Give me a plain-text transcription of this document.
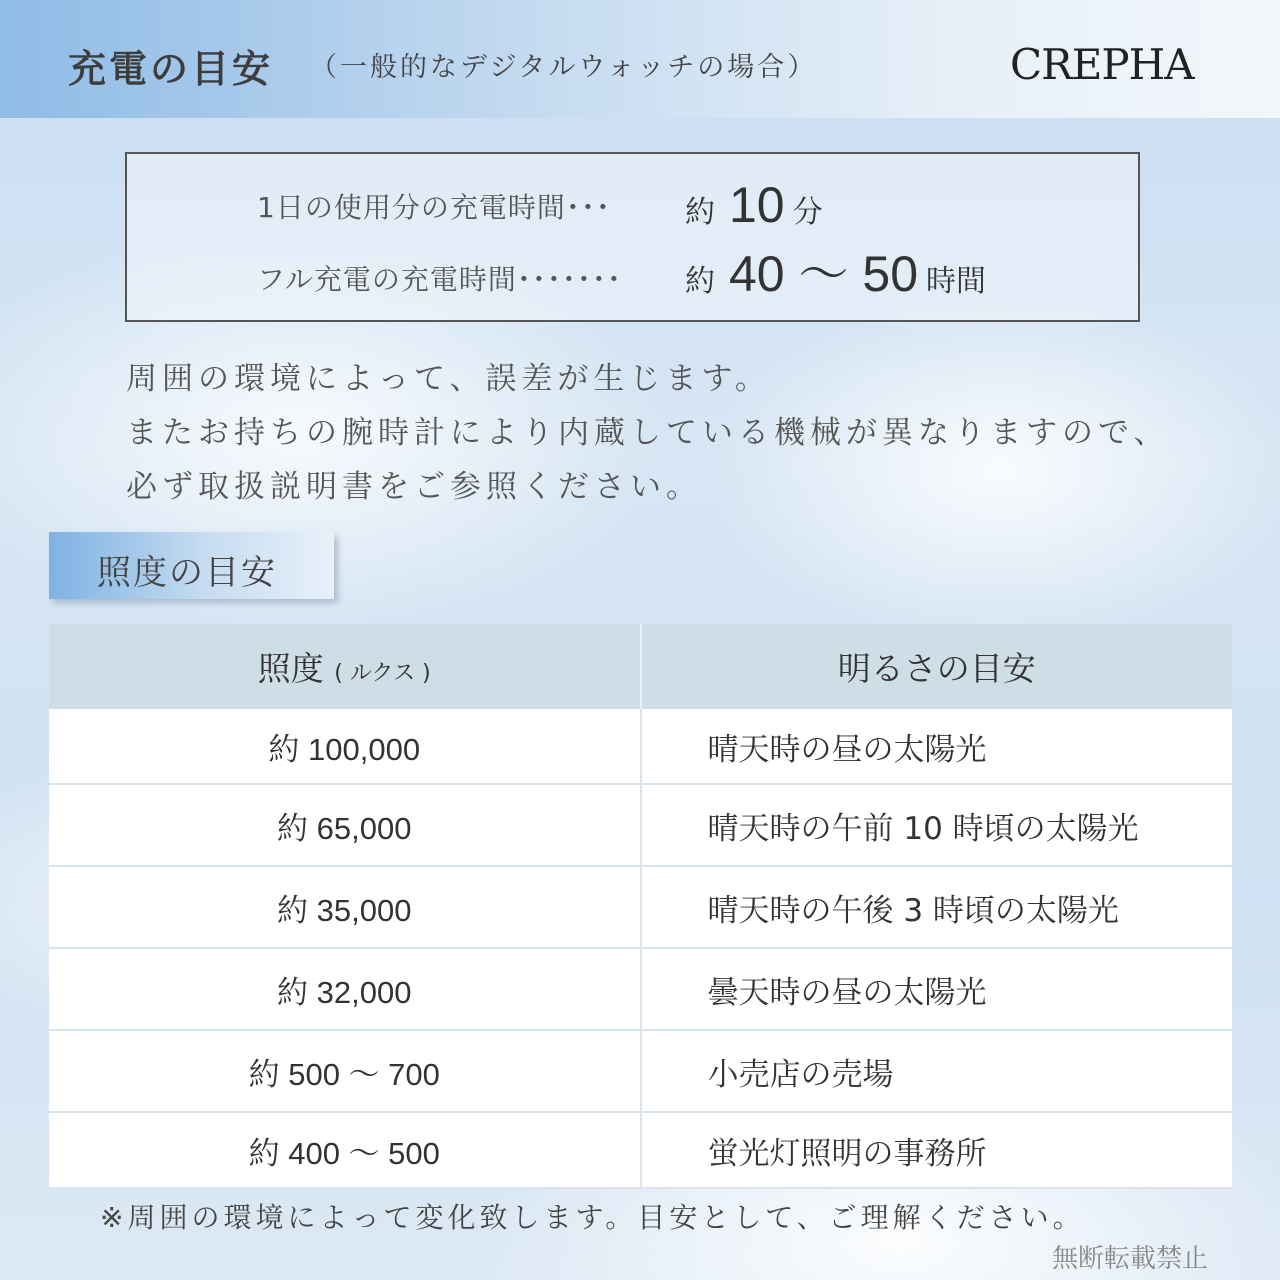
充電の目安 （一般的なデジタルウォッチの場合）	CREPHA
1日の使用分の充電時間･･･ 約 10 分
フル充電の充電時間･･･････ 約 40 ～ 50 時間
周囲の環境によって、誤差が生じます。
またお持ちの腕時計により内蔵している機械が異なりますので、
必ず取扱説明書をご参照ください。
照度の目安
照度 ( ルクス )	明るさの目安
約 100,000	晴天時の昼の太陽光
約 65,000	晴天時の午前 10 時頃の太陽光
約 35,000	晴天時の午後 3 時頃の太陽光
約 32,000	曇天時の昼の太陽光
約 500 ～ 700	小売店の売場
約 400 ～ 500	蛍光灯照明の事務所
※周囲の環境によって変化致します。目安として、ご理解ください。
無断転載禁止
